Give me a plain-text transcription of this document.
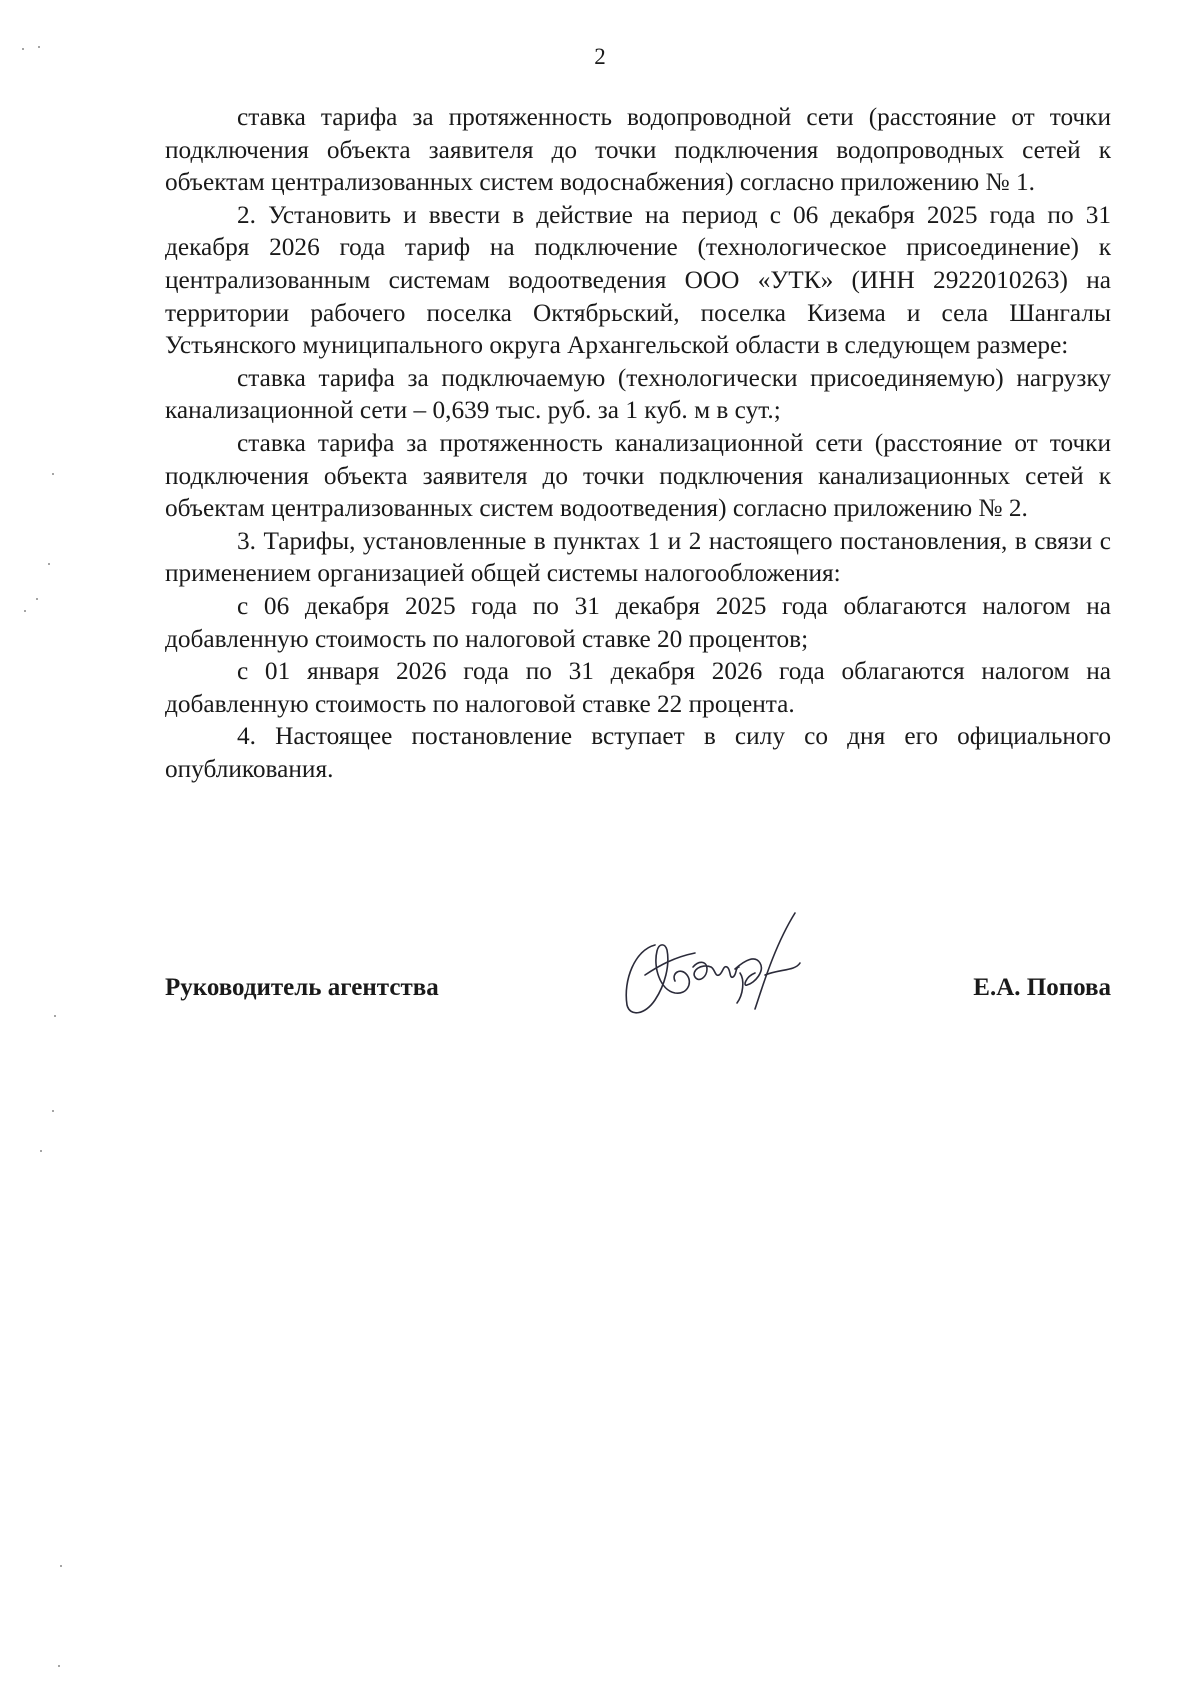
2

ставка тарифа за протяженность водопроводной сети (расстояние от точки подключения объекта заявителя до точки подключения водопроводных сетей к объектам централизованных систем водоснабжения) согласно приложению № 1.

2. Установить и ввести в действие на период с 06 декабря 2025 года по 31 декабря 2026 года тариф на подключение (технологическое присоединение) к централизованным системам водоотведения ООО «УТК» (ИНН 2922010263) на территории рабочего поселка Октябрьский, поселка Кизема и села Шангалы Устьянского муниципального округа Архангельской области в следующем размере:

ставка тарифа за подключаемую (технологически присоединяемую) нагрузку канализационной сети – 0,639 тыс. руб. за 1 куб. м в сут.;

ставка тарифа за протяженность канализационной сети (расстояние от точки подключения объекта заявителя до точки подключения канализационных сетей к объектам централизованных систем водоотведения) согласно приложению № 2.

3. Тарифы, установленные в пунктах 1 и 2 настоящего постановления, в связи с применением организацией общей системы налогообложения:

с 06 декабря 2025 года по 31 декабря 2025 года облагаются налогом на добавленную стоимость по налоговой ставке 20 процентов;

с 01 января 2026 года по 31 декабря 2026 года облагаются налогом на добавленную стоимость по налоговой ставке 22 процента.

4. Настоящее постановление вступает в силу со дня его официального опубликования.

Руководитель агентства	Е.А. Попова
